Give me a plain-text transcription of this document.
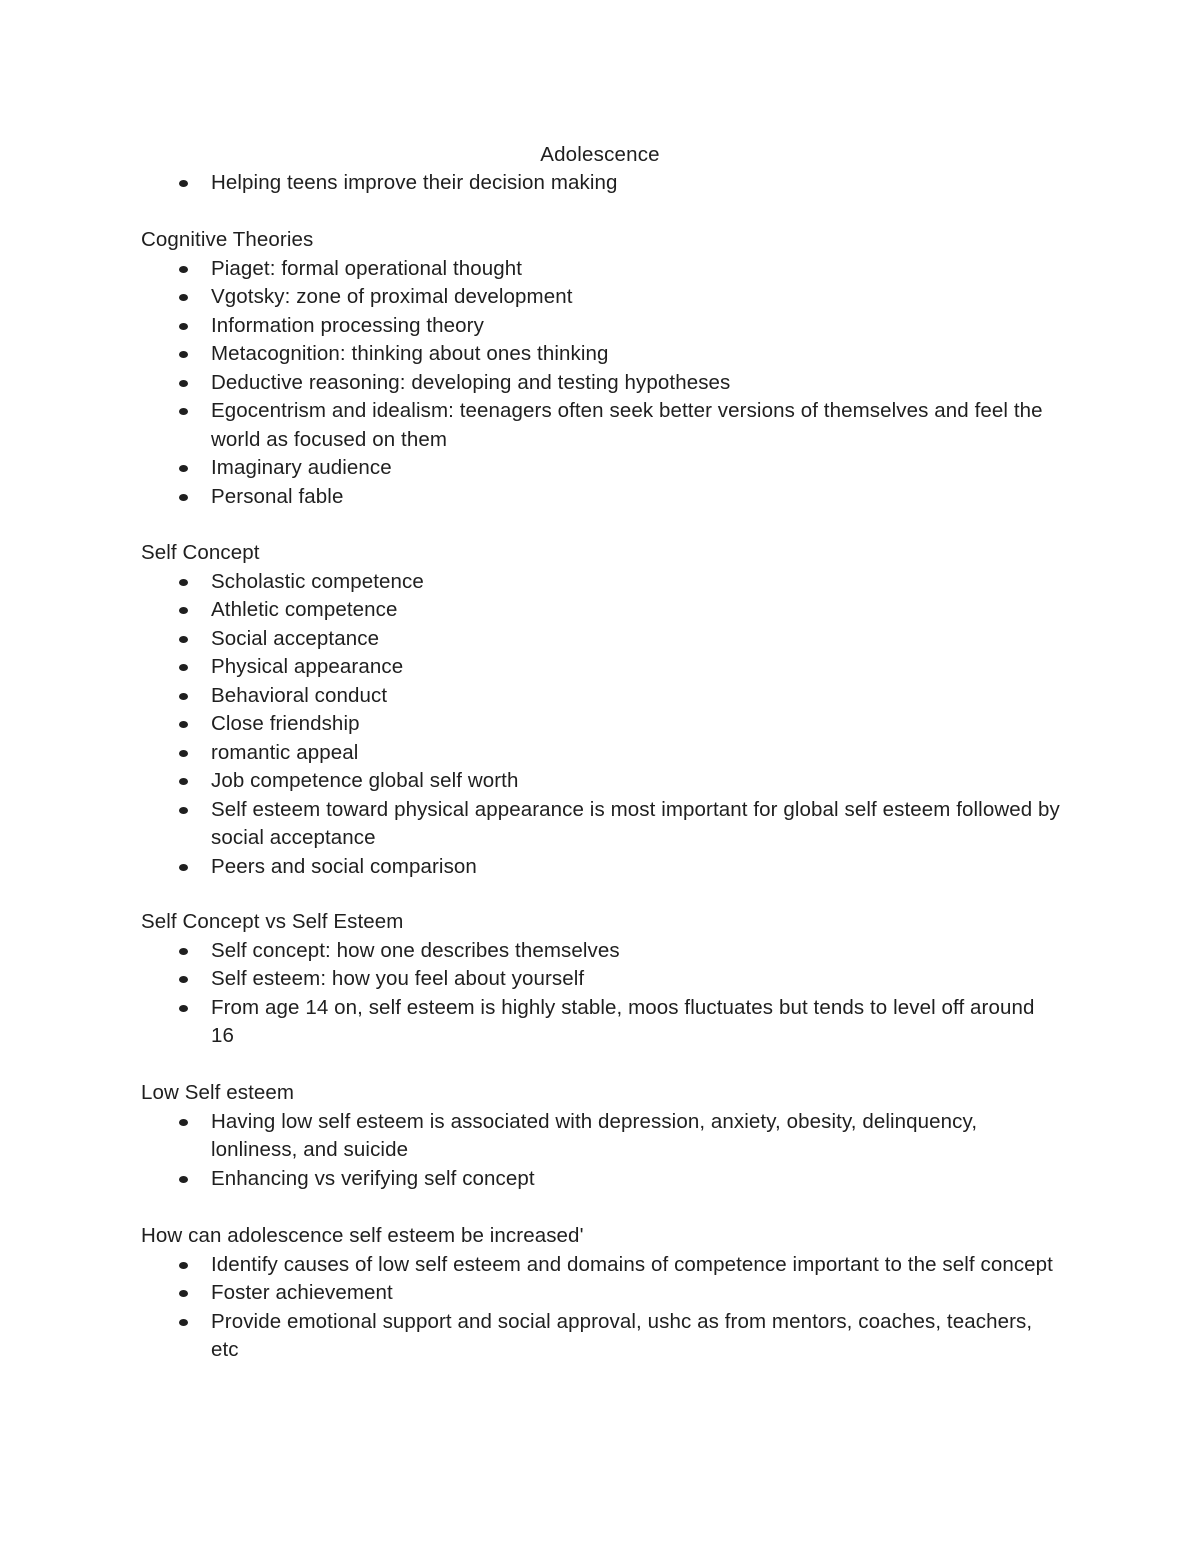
Adolescence
Helping teens improve their decision making

Cognitive Theories

Piaget: formal operational thought
Vgotsky: zone of proximal development
Information processing theory
Metacognition: thinking about ones thinking
Deductive reasoning: developing and testing hypotheses
Egocentrism and idealism: teenagers often seek better versions of themselves and feel the world as focused on them
Imaginary audience
Personal fable

Self Concept

Scholastic competence
Athletic competence
Social acceptance
Physical appearance
Behavioral conduct
Close friendship
romantic appeal
Job competence global self worth
Self esteem toward physical appearance is most important for global self esteem followed by social acceptance
Peers and social comparison

Self Concept vs Self Esteem

Self concept: how one describes themselves
Self esteem: how you feel about yourself
From age 14 on, self esteem is highly stable, moos fluctuates but tends to level off around 16

Low Self esteem

Having low self esteem is associated with depression, anxiety, obesity, delinquency, lonliness, and suicide
Enhancing vs verifying self concept

How can adolescence self esteem be increased'

Identify causes of low self esteem and domains of competence important to the self concept
Foster achievement
Provide emotional support and social approval, ushc as from mentors, coaches, teachers, etc
